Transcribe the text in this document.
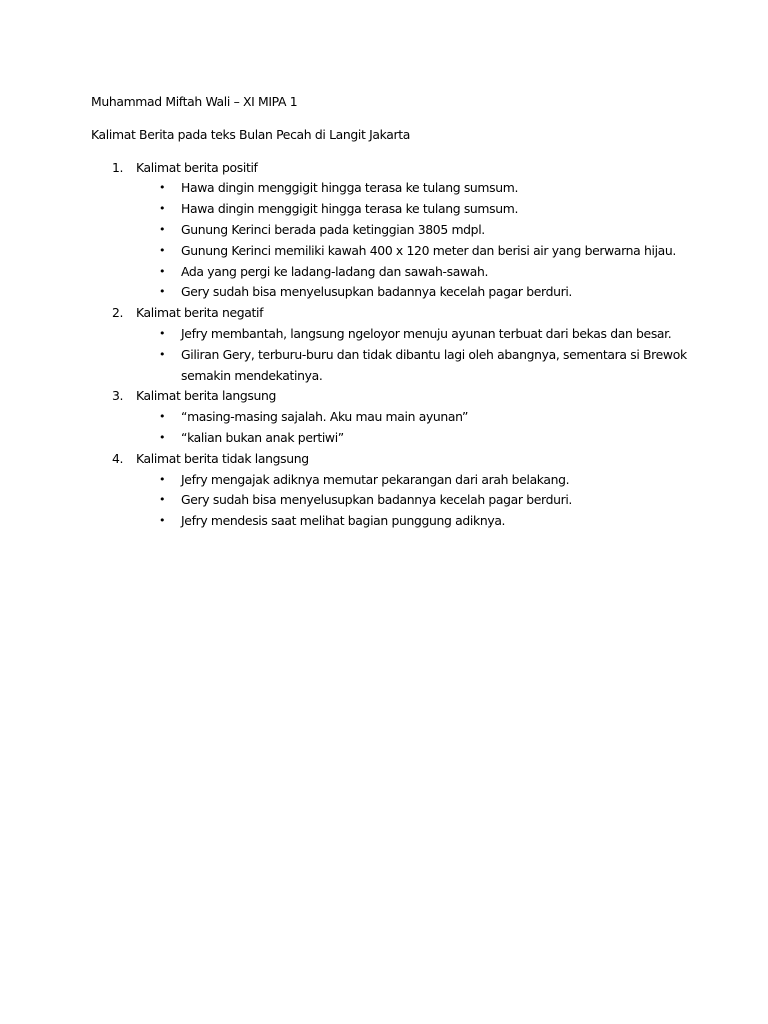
Muhammad Miftah Wali – XI MIPA 1

Kalimat Berita pada teks Bulan Pecah di Langit Jakarta

1. Kalimat berita positif
• Hawa dingin menggigit hingga terasa ke tulang sumsum.
• Hawa dingin menggigit hingga terasa ke tulang sumsum.
• Gunung Kerinci berada pada ketinggian 3805 mdpl.
• Gunung Kerinci memiliki kawah 400 x 120 meter dan berisi air yang berwarna hijau.
• Ada yang pergi ke ladang-ladang dan sawah-sawah.
• Gery sudah bisa menyelusupkan badannya kecelah pagar berduri.
2. Kalimat berita negatif
• Jefry membantah, langsung ngeloyor menuju ayunan terbuat dari bekas dan besar.
• Giliran Gery, terburu-buru dan tidak dibantu lagi oleh abangnya, sementara si Brewok semakin mendekatinya.
3. Kalimat berita langsung
• “masing-masing sajalah. Aku mau main ayunan”
• “kalian bukan anak pertiwi”
4. Kalimat berita tidak langsung
• Jefry mengajak adiknya memutar pekarangan dari arah belakang.
• Gery sudah bisa menyelusupkan badannya kecelah pagar berduri.
• Jefry mendesis saat melihat bagian punggung adiknya.
